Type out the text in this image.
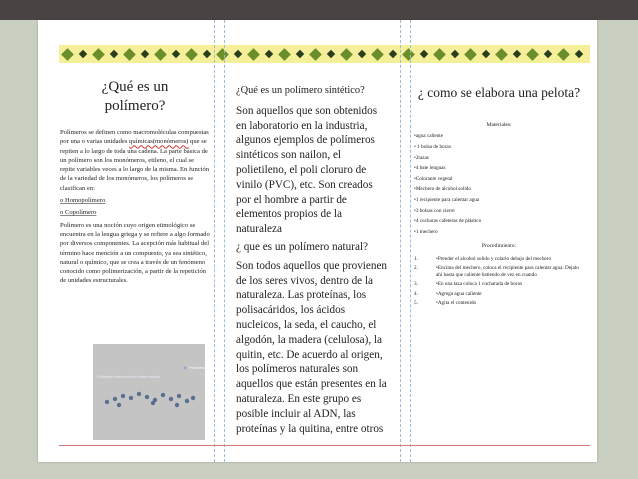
¿Qué es un polímero?

Polímeros se definen como macromoléculas compuestas por una o varias unidades químicas(monómeros) que se repiten a lo largo de toda una cadena. La parte básica de un polímero son los monómeros, etileno, el cual se repite variables veces a lo largo de la misma. En función de la variedad de los monómeros, los polímeros se clasifican en:

o Homopolímero

o Copolímero

Polímero es una noción cuyo origen etimológico se encuentra en la lengua griega y se refiere a algo formado por diversos componentes. La acepción más habitual del término hace mención a un compuesto, ya sea sintético, natural o químico, que se crea a través de un fenómeno conocido como polimerización, a partir de la repetición de unidades estructurales.

Polímero
Polietileno etileno etileno etileno etileno

¿Qué es un polímero sintético?

Son aquellos que son obtenidos en laboratorio en la industria, algunos ejemplos de polímeros sintéticos son nailon, el polietileno, el poli cloruro de vinilo (PVC), etc. Son creados por el hombre a partir de elementos propios de la naturaleza

¿ que es un polímero natural?

Son todos aquellos que provienen de los seres vivos, dentro de la naturaleza. Las proteínas, los polisacáridos, los ácidos nucleicos, la seda, el caucho, el algodón, la madera (celulosa), la quitin, etc. De acuerdo al origen, los polímeros naturales son aquellos que están presentes en la naturaleza. En este grupo es posible incluir al ADN, las proteínas y la quitina, entre otros

¿ como se elabora una pelota?

Materiales:

•agua caliente

• 1 bolsa de borax

•2tazas

•4 bate lenguas

•Colorante vegetal

•Mechero de alcohol solido

•1 recipiente para calentar agua

•3 bolsas con cierre

•4 cucharas cafeteras de plástico

•1 mechero

Procedimiento:

1.	•Prender el alcohol solido y colarlo debajo del mechero
2.	•Encima del mechero, coloca el recipiente para calentar agua. Dejalo ahí hasta que caliente batiendo de vez en cuando
3.	•En una taza coloca 1 cucharada de borax
4.	•Agrega agua caliente
5.	•Agita el contenido
